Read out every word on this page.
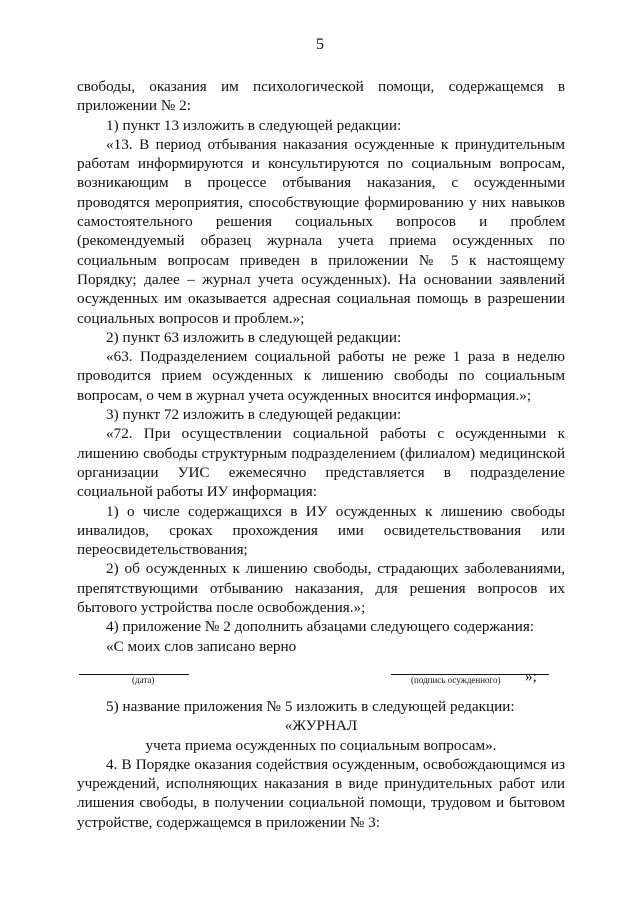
5

свободы, оказания им психологической помощи, содержащемся в приложении № 2:

1) пункт 13 изложить в следующей редакции:

«13. В период отбывания наказания осужденные к принудительным работам информируются и консультируются по социальным вопросам, возникающим в процессе отбывания наказания, с осужденными проводятся мероприятия, способствующие формированию у них навыков самостоятельного решения социальных вопросов и проблем (рекомендуемый образец журнала учета приема осужденных по социальным вопросам приведен в приложении № 5 к настоящему Порядку; далее – журнал учета осужденных). На основании заявлений осужденных им оказывается адресная социальная помощь в разрешении социальных вопросов и проблем.»;

2) пункт 63 изложить в следующей редакции:

«63. Подразделением социальной работы не реже 1 раза в неделю проводится прием осужденных к лишению свободы по социальным вопросам, о чем в журнал учета осужденных вносится информация.»;

3) пункт 72 изложить в следующей редакции:

«72. При осуществлении социальной работы с осужденными к лишению свободы структурным подразделением (филиалом) медицинской организации УИС ежемесячно представляется в подразделение социальной работы ИУ информация:

1) о числе содержащихся в ИУ осужденных к лишению свободы инвалидов, сроках прохождения ими освидетельствования или переосвидетельствования;

2) об осужденных к лишению свободы, страдающих заболеваниями, препятствующими отбыванию наказания, для решения вопросов их бытового устройства после освобождения.»;

4) приложение № 2 дополнить абзацами следующего содержания:

«С моих слов записано верно

(дата)	(подпись осужденного) »;

5) название приложения № 5 изложить в следующей редакции:

«ЖУРНАЛ

учета приема осужденных по социальным вопросам».

4. В Порядке оказания содействия осужденным, освобождающимся из учреждений, исполняющих наказания в виде принудительных работ или лишения свободы, в получении социальной помощи, трудовом и бытовом устройстве, содержащемся в приложении № 3:
